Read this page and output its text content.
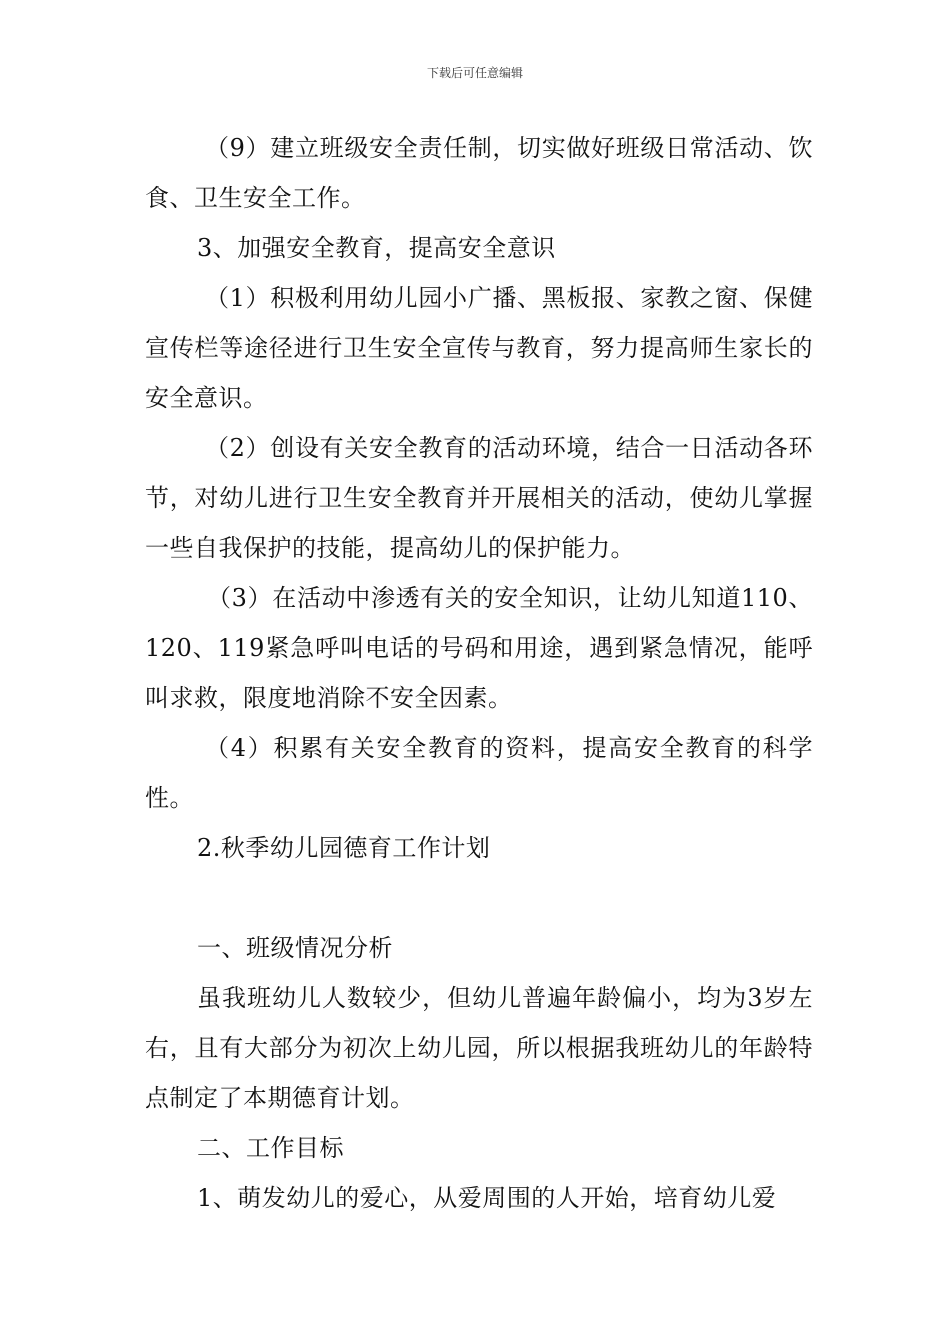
下载后可任意编辑

（9）建立班级安全责任制，切实做好班级日常活动、饮食、卫生安全工作。

3、加强安全教育，提高安全意识

（1）积极利用幼儿园小广播、黑板报、家教之窗、保健宣传栏等途径进行卫生安全宣传与教育，努力提高师生家长的安全意识。

（2）创设有关安全教育的活动环境，结合一日活动各环节，对幼儿进行卫生安全教育并开展相关的活动，使幼儿掌握一些自我保护的技能，提高幼儿的保护能力。

（3）在活动中渗透有关的安全知识，让幼儿知道110、120、119紧急呼叫电话的号码和用途，遇到紧急情况，能呼叫求救，限度地消除不安全因素。

（4）积累有关安全教育的资料，提高安全教育的科学性。

2.秋季幼儿园德育工作计划

一、班级情况分析

虽我班幼儿人数较少，但幼儿普遍年龄偏小，均为3岁左右，且有大部分为初次上幼儿园，所以根据我班幼儿的年龄特点制定了本期德育计划。

二、工作目标

1、萌发幼儿的爱心，从爱周围的人开始，培育幼儿爱
